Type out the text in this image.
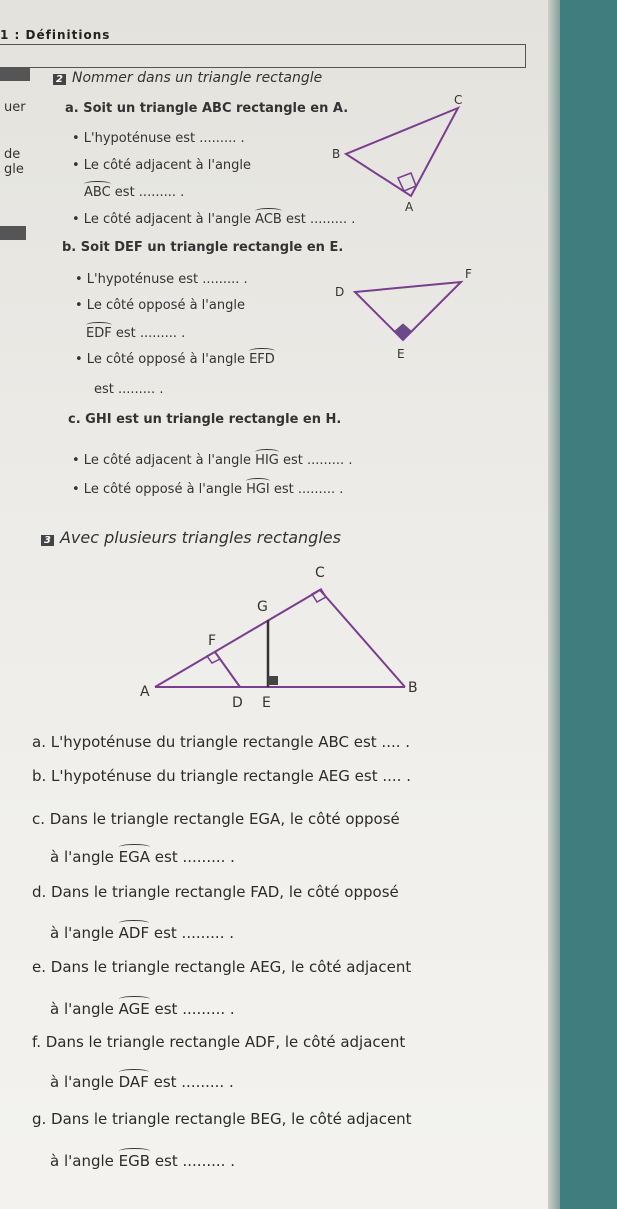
1 : Définitions
uer
de
gle
2 Nommer dans un triangle rectangle
a. Soit un triangle ABC rectangle en A.
• L'hypoténuse est ......... .
• Le côté adjacent à l'angle
ABC est ......... .
• Le côté adjacent à l'angle ACB est ......... .
b. Soit DEF un triangle rectangle en E.
• L'hypoténuse est ......... .
• Le côté opposé à l'angle
EDF est ......... .
• Le côté opposé à l'angle EFD
est ......... .
c. GHI est un triangle rectangle en H.
• Le côté adjacent à l'angle HIG est ......... .
• Le côté opposé à l'angle HGI est ......... .
C
B
A
D
F
E
3 Avec plusieurs triangles rectangles
C
G
F
A
D E
B
a. L'hypoténuse du triangle rectangle ABC est .... .
b. L'hypoténuse du triangle rectangle AEG est .... .
c. Dans le triangle rectangle EGA, le côté opposé
à l'angle EGA est ......... .
d. Dans le triangle rectangle FAD, le côté opposé
à l'angle ADF est ......... .
e. Dans le triangle rectangle AEG, le côté adjacent
à l'angle AGE est ......... .
f. Dans le triangle rectangle ADF, le côté adjacent
à l'angle DAF est ......... .
g. Dans le triangle rectangle BEG, le côté adjacent
à l'angle EGB est ......... .
